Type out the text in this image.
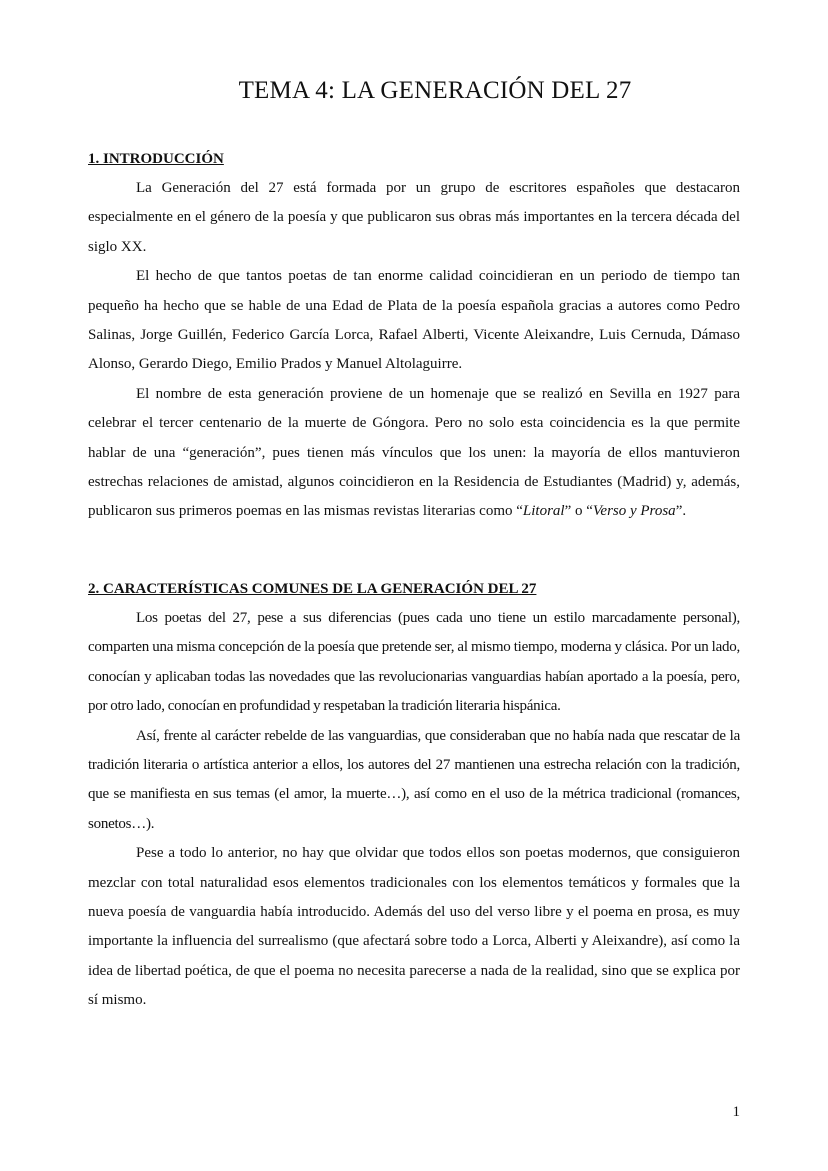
TEMA 4: LA GENERACIÓN DEL 27
1. INTRODUCCIÓN

La Generación del 27 está formada por un grupo de escritores españoles que destacaron especialmente en el género de la poesía y que publicaron sus obras más importantes en la tercera década del siglo XX.

El hecho de que tantos poetas de tan enorme calidad coincidieran en un periodo de tiempo tan pequeño ha hecho que se hable de una Edad de Plata de la poesía española gracias a autores como Pedro Salinas, Jorge Guillén, Federico García Lorca, Rafael Alberti, Vicente Aleixandre, Luis Cernuda, Dámaso Alonso, Gerardo Diego, Emilio Prados y Manuel Altolaguirre.

El nombre de esta generación proviene de un homenaje que se realizó en Sevilla en 1927 para celebrar el tercer centenario de la muerte de Góngora. Pero no solo esta coincidencia es la que permite hablar de una “generación”, pues tienen más vínculos que los unen: la mayoría de ellos mantuvieron estrechas relaciones de amistad, algunos coincidieron en la Residencia de Estudiantes (Madrid) y, además, publicaron sus primeros poemas en las mismas revistas literarias como “Litoral” o “Verso y Prosa”.

2. CARACTERÍSTICAS COMUNES DE LA GENERACIÓN DEL 27

Los poetas del 27, pese a sus diferencias (pues cada uno tiene un estilo marcadamente personal), comparten una misma concepción de la poesía que pretende ser, al mismo tiempo, moderna y clásica. Por un lado, conocían y aplicaban todas las novedades que las revolucionarias vanguardias habían aportado a la poesía, pero, por otro lado, conocían en profundidad y respetaban la tradición literaria hispánica.

Así, frente al carácter rebelde de las vanguardias, que consideraban que no había nada que rescatar de la tradición literaria o artística anterior a ellos, los autores del 27 mantienen una estrecha relación con la tradición, que se manifiesta en sus temas (el amor, la muerte…), así como en el uso de la métrica tradicional (romances, sonetos…).

Pese a todo lo anterior, no hay que olvidar que todos ellos son poetas modernos, que consiguieron mezclar con total naturalidad esos elementos tradicionales con los elementos temáticos y formales que la nueva poesía de vanguardia había introducido. Además del uso del verso libre y el poema en prosa, es muy importante la influencia del surrealismo (que afectará sobre todo a Lorca, Alberti y Aleixandre), así como la idea de libertad poética, de que el poema no necesita parecerse a nada de la realidad, sino que se explica por sí mismo.

1
